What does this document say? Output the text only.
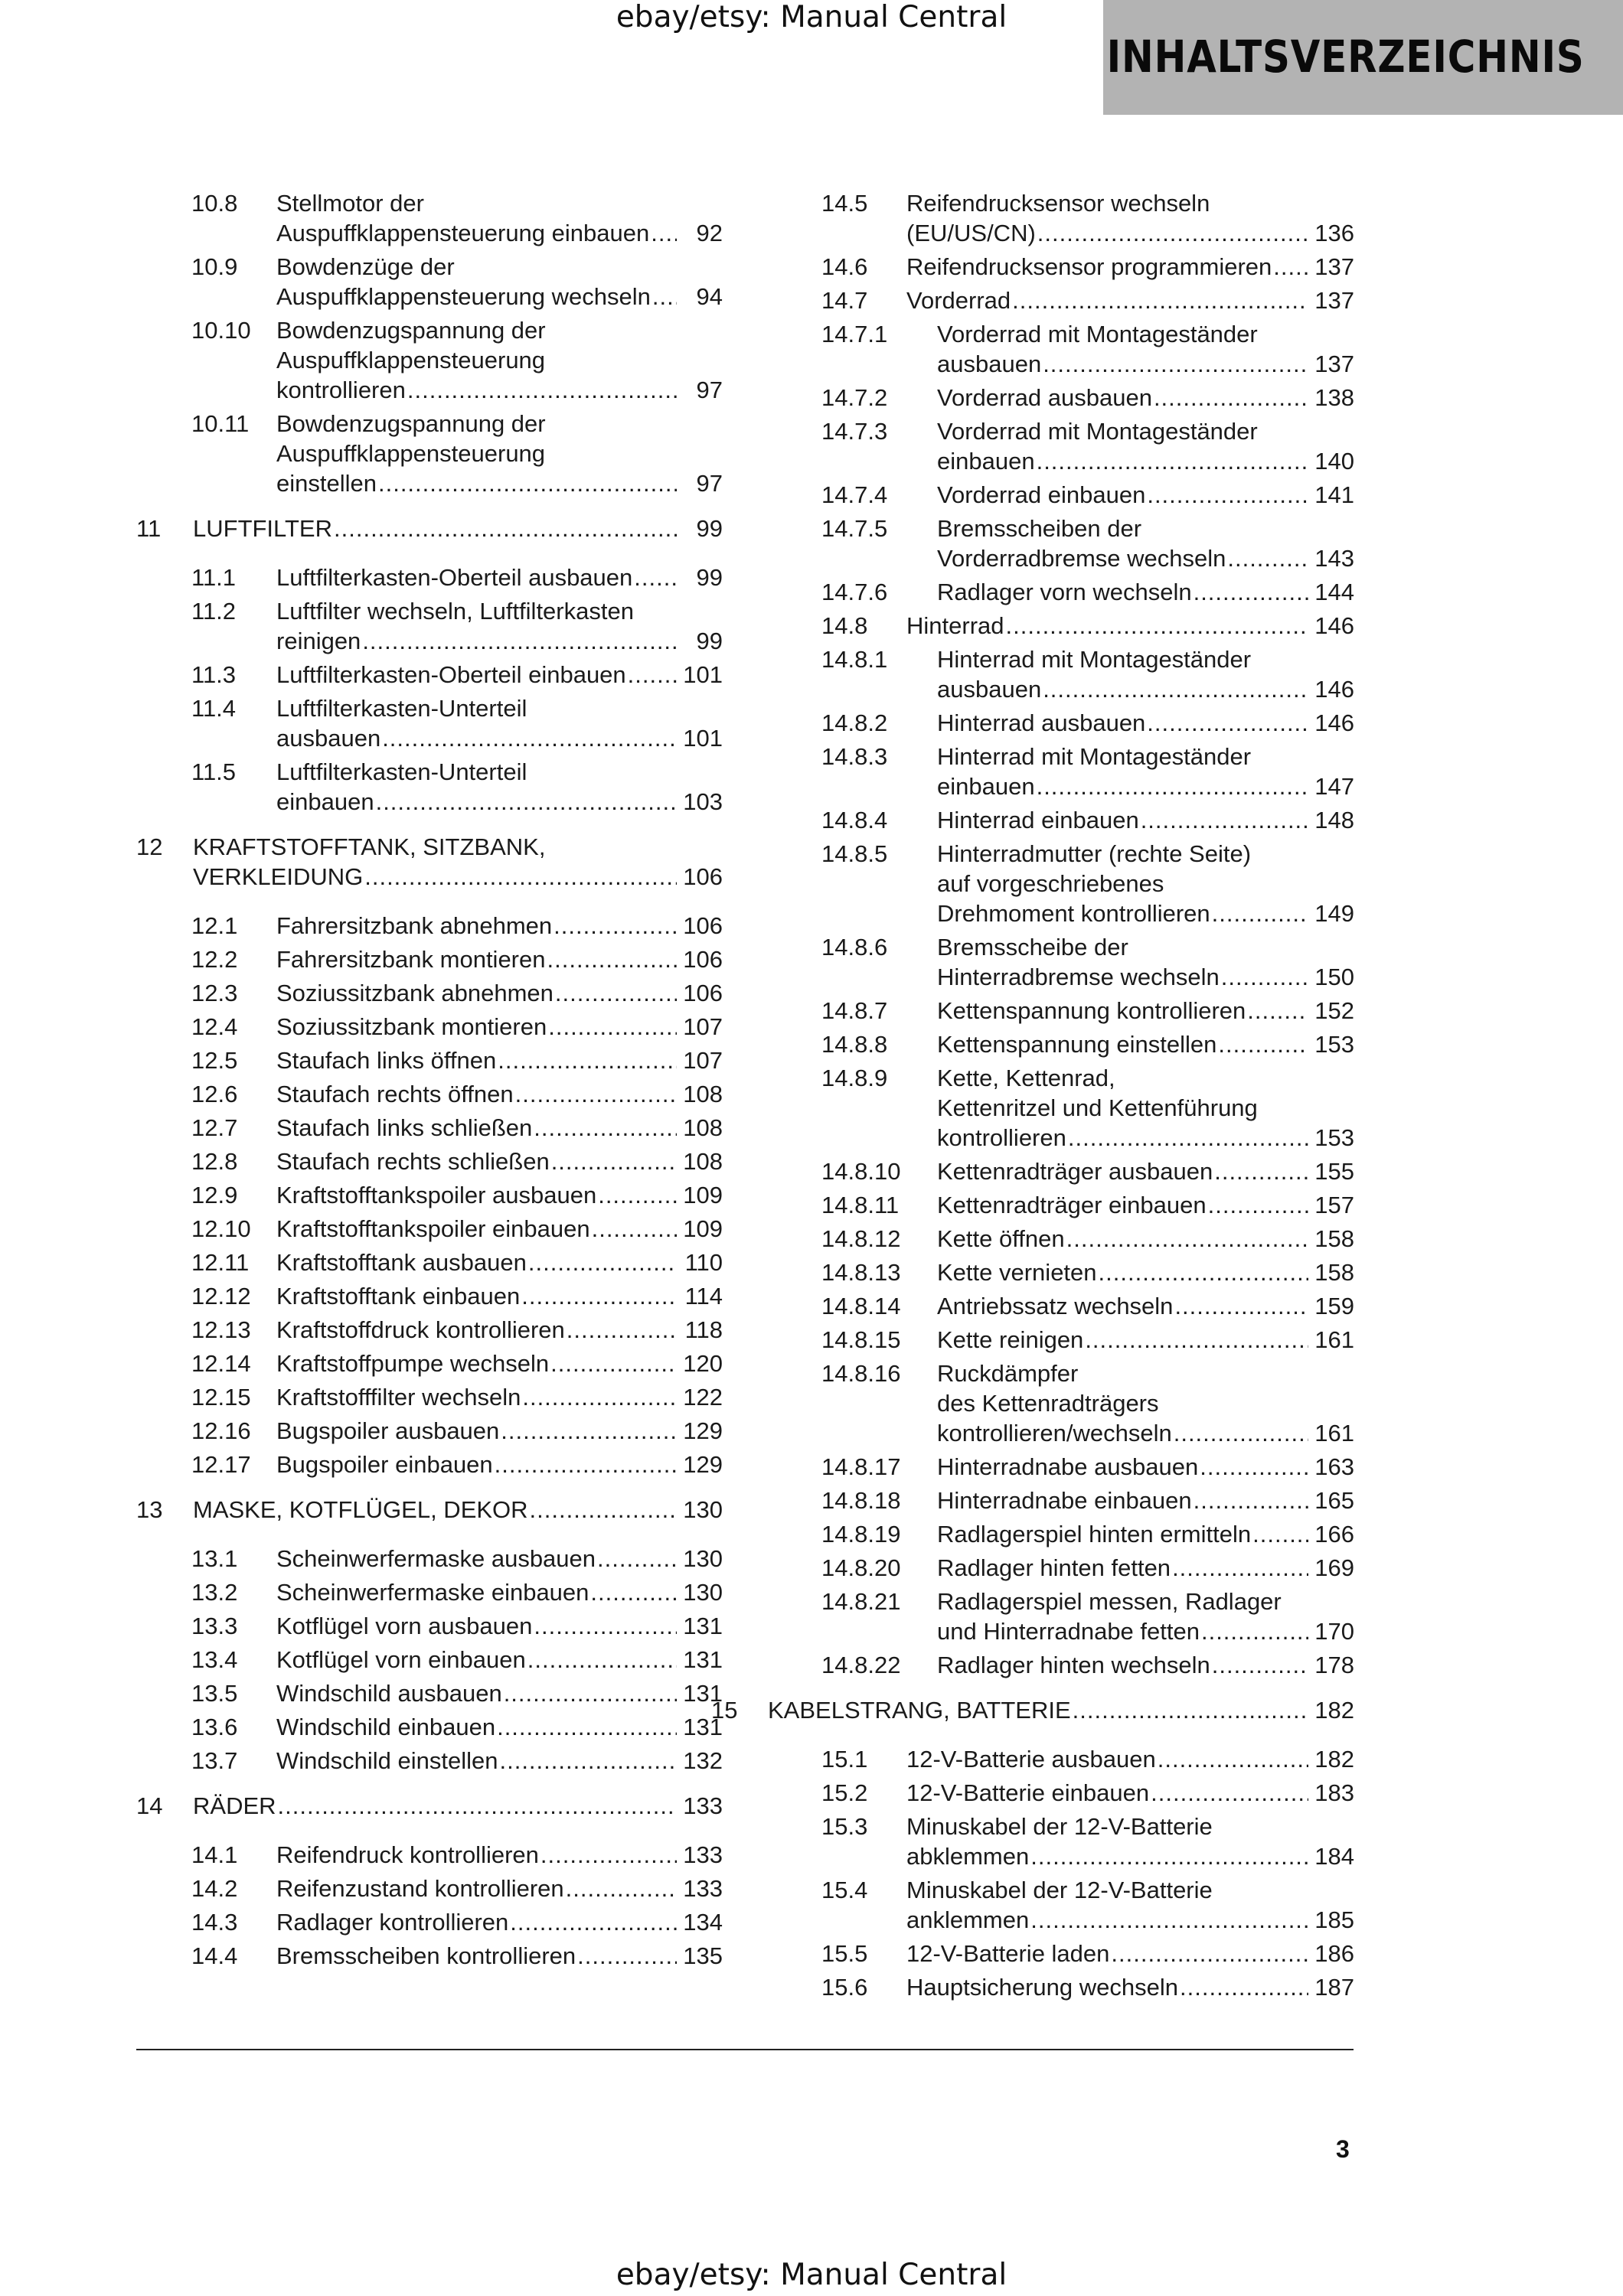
ebay/etsy: Manual Central
INHALTSVERZEICHNIS
10.8	Stellmotor der
Auspuffklappensteuerung einbauen .....	92
10.9	Bowdenzüge der
Auspuffklappensteuerung wechseln .....	94
10.10	Bowdenzugspannung der
Auspuffklappensteuerung
kontrollieren .....	97
10.11	Bowdenzugspannung der
Auspuffklappensteuerung
einstellen .....	97
11	LUFTFILTER .....	99
11.1	Luftfilterkasten-Oberteil ausbauen .....	99
11.2	Luftfilter wechseln, Luftfilterkasten
reinigen .....	99
11.3	Luftfilterkasten-Oberteil einbauen ..... 101
11.4	Luftfilterkasten-Unterteil
ausbauen .....	101
11.5	Luftfilterkasten-Unterteil
einbauen .....	103
12	KRAFTSTOFFTANK, SITZBANK,
VERKLEIDUNG .....	106
12.1	Fahrersitzbank abnehmen .....	106
12.2	Fahrersitzbank montieren .....	106
12.3	Soziussitzbank abnehmen .....	106
12.4	Soziussitzbank montieren .....	107
12.5	Staufach links öffnen .....	107
12.6	Staufach rechts öffnen .....	108
12.7	Staufach links schließen .....	108
12.8	Staufach rechts schließen .....	108
12.9	Kraftstofftankspoiler ausbauen .....	109
12.10	Kraftstofftankspoiler einbauen .....	109
12.11	Kraftstofftank ausbauen .....	110
12.12	Kraftstofftank einbauen .....	114
12.13	Kraftstoffdruck kontrollieren .....	118
12.14	Kraftstoffpumpe wechseln .....	120
12.15	Kraftstofffilter wechseln .....	122
12.16	Bugspoiler ausbauen .....	129
12.17	Bugspoiler einbauen .....	129
13	MASKE, KOTFLÜGEL, DEKOR .....	130
13.1	Scheinwerfermaske ausbauen .....	130
13.2	Scheinwerfermaske einbauen .....	130
13.3	Kotflügel vorn ausbauen .....	131
13.4	Kotflügel vorn einbauen .....	131
13.5	Windschild ausbauen .....	131
13.6	Windschild einbauen .....	131
13.7	Windschild einstellen .....	132
14	RÄDER .....	133
14.1	Reifendruck kontrollieren .....	133
14.2	Reifenzustand kontrollieren .....	133
14.3	Radlager kontrollieren .....	134
14.4	Bremsscheiben kontrollieren .....	135
14.5	Reifendrucksensor wechseln
(EU/US/CN) .....	136
14.6	Reifendrucksensor programmieren ..... 137
14.7	Vorderrad .....	137
14.7.1	Vorderrad mit Montageständer
ausbauen .....	137
14.7.2	Vorderrad ausbauen .....	138
14.7.3	Vorderrad mit Montageständer
einbauen .....	140
14.7.4	Vorderrad einbauen .....	141
14.7.5	Bremsscheiben der
Vorderradbremse wechseln .....	143
14.7.6	Radlager vorn wechseln .....	144
14.8	Hinterrad .....	146
14.8.1	Hinterrad mit Montageständer
ausbauen .....	146
14.8.2	Hinterrad ausbauen .....	146
14.8.3	Hinterrad mit Montageständer
einbauen .....	147
14.8.4	Hinterrad einbauen .....	148
14.8.5	Hinterradmutter (rechte Seite)
auf vorgeschriebenes
Drehmoment kontrollieren .....	149
14.8.6	Bremsscheibe der
Hinterradbremse wechseln .....	150
14.8.7	Kettenspannung kontrollieren .....	152
14.8.8	Kettenspannung einstellen .....	153
14.8.9	Kette, Kettenrad,
Kettenritzel und Kettenführung
kontrollieren .....	153
14.8.10	Kettenradträger ausbauen .....	155
14.8.11	Kettenradträger einbauen .....	157
14.8.12	Kette öffnen .....	158
14.8.13	Kette vernieten .....	158
14.8.14	Antriebssatz wechseln .....	159
14.8.15	Kette reinigen .....	161
14.8.16	Ruckdämpfer
des Kettenradträgers
kontrollieren/wechseln .....	161
14.8.17	Hinterradnabe ausbauen .....	163
14.8.18	Hinterradnabe einbauen .....	165
14.8.19	Radlagerspiel hinten ermitteln .....	166
14.8.20	Radlager hinten fetten .....	169
14.8.21	Radlagerspiel messen, Radlager
und Hinterradnabe fetten .....	170
14.8.22	Radlager hinten wechseln .....	178
15	KABELSTRANG, BATTERIE .....	182
15.1	12-V-Batterie ausbauen .....	182
15.2	12-V-Batterie einbauen .....	183
15.3	Minuskabel der 12-V-Batterie
abklemmen .....	184
15.4	Minuskabel der 12-V-Batterie
anklemmen .....	185
15.5	12-V-Batterie laden .....	186
15.6	Hauptsicherung wechseln .....	187
3
ebay/etsy: Manual Central
